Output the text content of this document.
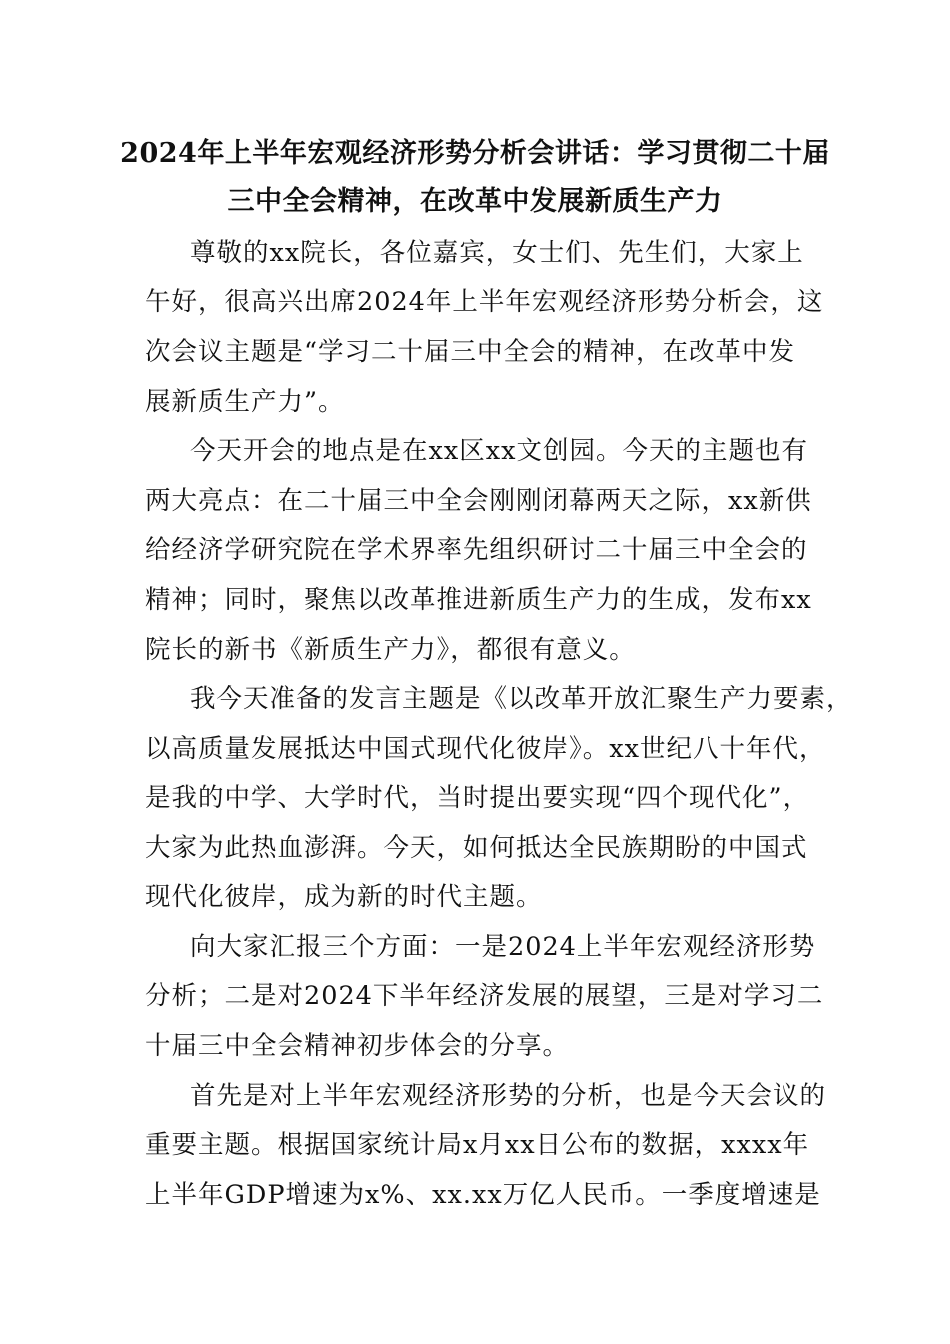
2024年上半年宏观经济形势分析会讲话：学习贯彻二十届
三中全会精神，在改革中发展新质生产力
尊敬的xx院长，各位嘉宾，女士们、先生们，大家上
午好，很高兴出席2024年上半年宏观经济形势分析会，这
次会议主题是“学习二十届三中全会的精神，在改革中发
展新质生产力”。
今天开会的地点是在xx区xx文创园。今天的主题也有
两大亮点：在二十届三中全会刚刚闭幕两天之际，xx新供
给经济学研究院在学术界率先组织研讨二十届三中全会的
精神；同时，聚焦以改革推进新质生产力的生成，发布xx
院长的新书《新质生产力》，都很有意义。
我今天准备的发言主题是《以改革开放汇聚生产力要素，
以高质量发展抵达中国式现代化彼岸》。xx世纪八十年代，
是我的中学、大学时代，当时提出要实现“四个现代化”，
大家为此热血澎湃。今天，如何抵达全民族期盼的中国式
现代化彼岸，成为新的时代主题。
向大家汇报三个方面：一是2024上半年宏观经济形势
分析；二是对2024下半年经济发展的展望，三是对学习二
十届三中全会精神初步体会的分享。
首先是对上半年宏观经济形势的分析，也是今天会议的
重要主题。根据国家统计局x月xx日公布的数据，xxxx年
上半年GDP增速为x%、xx.xx万亿人民币。一季度增速是
